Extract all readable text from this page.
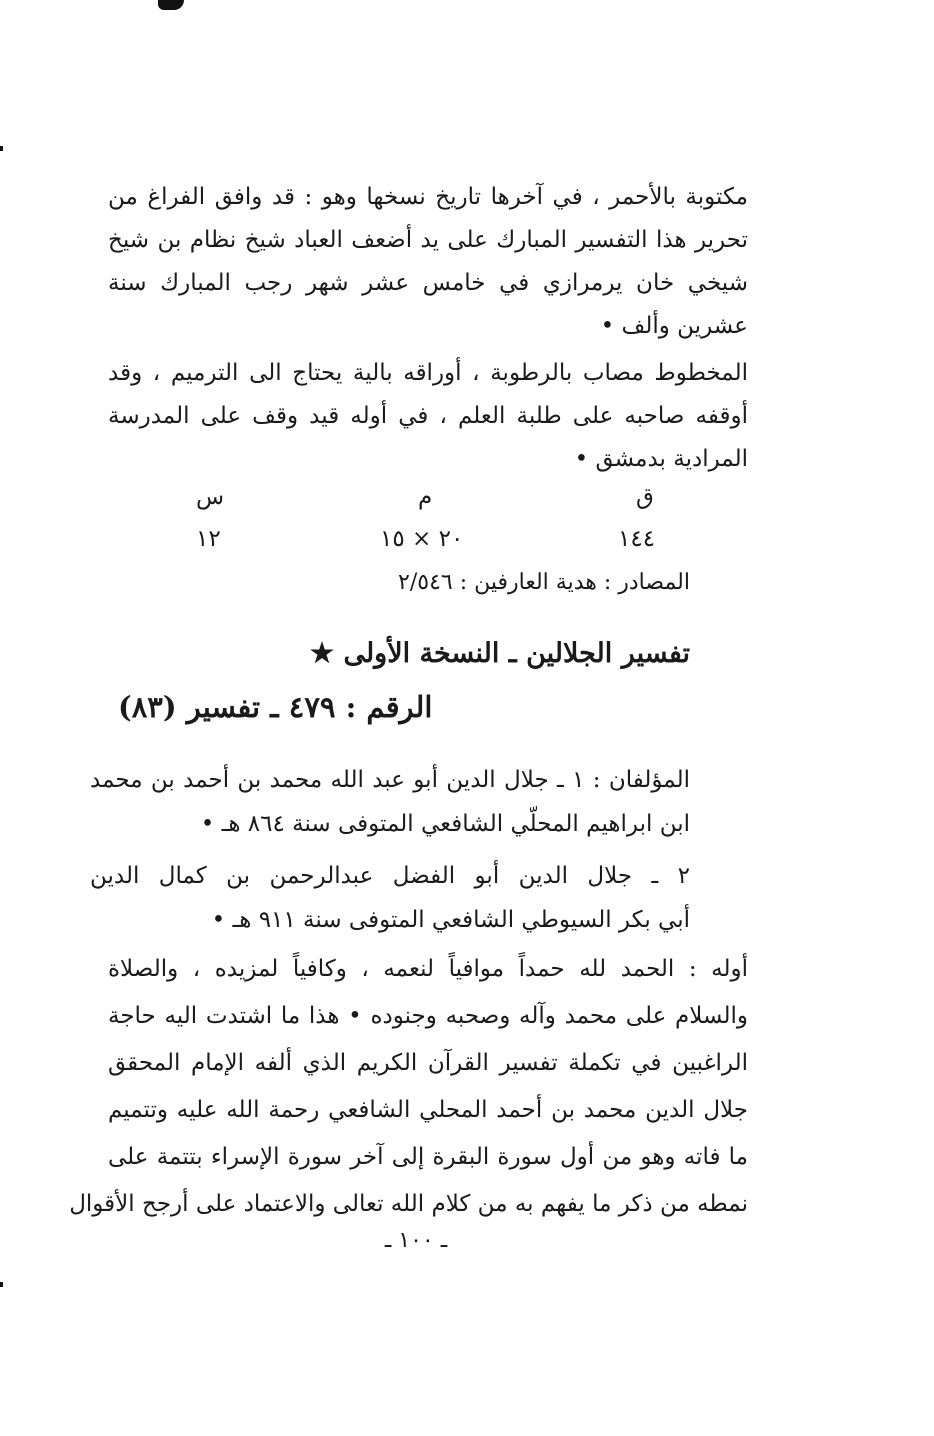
مكتوبة بالأحمر ، في آخرها تاريخ نسخها وهو : قد وافق الفراغ من
تحرير هذا التفسير المبارك على يد أضعف العباد شيخ نظام بن شيخ
شيخي خان يرمرازي في خامس عشر شهر رجب المبارك سنة
عشرين وألف •
المخطوط مصاب بالرطوبة ، أوراقه بالية يحتاج الى الترميم ، وقد
أوقفه صاحبه على طلبة العلم ، في أوله قيد وقف على المدرسة
المرادية بدمشق •
ق
م
س
١٤٤
٢٠ × ١٥
١٢
المصادر : هدية العارفين : ٢/٥٤٦
تفسير الجلالين ـ النسخة الأولى ★
الرقم : ٤٧٩ ـ تفسير (٨٣)
المؤلفان : ١ ـ جلال الدين أبو عبد الله محمد بن أحمد بن محمد
ابن ابراهيم المحلّي الشافعي المتوفى سنة ٨٦٤ هـ •
٢ ـ جلال الدين أبو الفضل عبدالرحمن بن كمال الدين
أبي بكر السيوطي الشافعي المتوفى سنة ٩١١ هـ •
أوله : الحمد لله حمداً موافياً لنعمه ، وكافياً لمزيده ، والصلاة
والسلام على محمد وآله وصحبه وجنوده • هذا ما اشتدت اليه حاجة
الراغبين في تكملة تفسير القرآن الكريم الذي ألفه الإمام المحقق
جلال الدين محمد بن أحمد المحلي الشافعي رحمة الله عليه وتتميم
ما فاته وهو من أول سورة البقرة إلى آخر سورة الإسراء بتتمة على
نمطه من ذكر ما يفهم به من كلام الله تعالى والاعتماد على أرجح الأقوال
ـ ١٠٠ ـ
